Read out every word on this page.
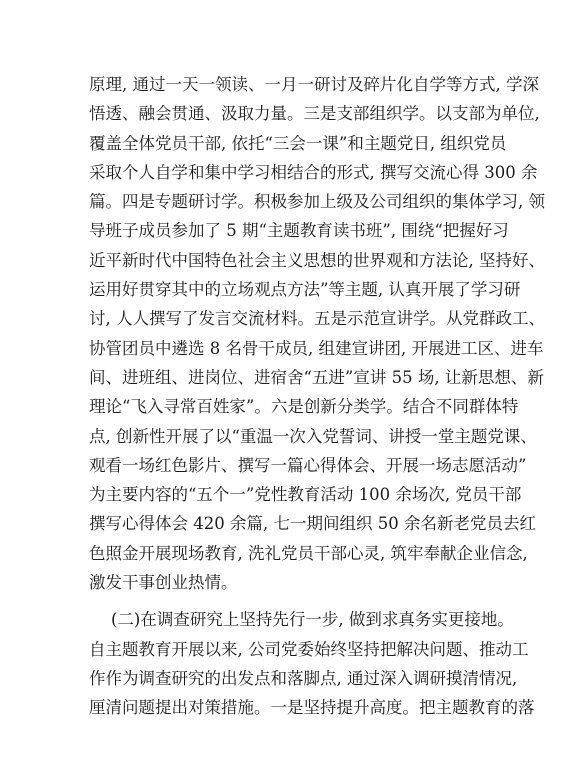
原理, 通过一天一领读、一月一研讨及碎片化自学等方式, 学深
悟透、融会贯通、汲取力量。三是支部组织学。以支部为单位,
覆盖全体党员干部, 依托“三会一课”和主题党日, 组织党员
采取个人自学和集中学习相结合的形式, 撰写交流心得 300 余
篇。四是专题研讨学。积极参加上级及公司组织的集体学习, 领
导班子成员参加了 5 期“主题教育读书班”, 围绕“把握好习
近平新时代中国特色社会主义思想的世界观和方法论, 坚持好、
运用好贯穿其中的立场观点方法”等主题, 认真开展了学习研
讨, 人人撰写了发言交流材料。五是示范宣讲学。从党群政工、
协管团员中遴选 8 名骨干成员, 组建宣讲团, 开展进工区、进车
间、进班组、进岗位、进宿舍“五进”宣讲 55 场, 让新思想、新
理论“飞入寻常百姓家”。六是创新分类学。结合不同群体特
点, 创新性开展了以“重温一次入党誓词、讲授一堂主题党课、
观看一场红色影片、撰写一篇心得体会、开展一场志愿活动”
为主要内容的“五个一”党性教育活动 100 余场次, 党员干部
撰写心得体会 420 余篇, 七一期间组织 50 余名新老党员去红
色照金开展现场教育, 洗礼党员干部心灵, 筑牢奉献企业信念,
激发干事创业热情。
(二)在调查研究上坚持先行一步, 做到求真务实更接地。
自主题教育开展以来, 公司党委始终坚持把解决问题、推动工
作作为调查研究的出发点和落脚点, 通过深入调研摸清情况,
厘清问题提出对策措施。一是坚持提升高度。把主题教育的落
